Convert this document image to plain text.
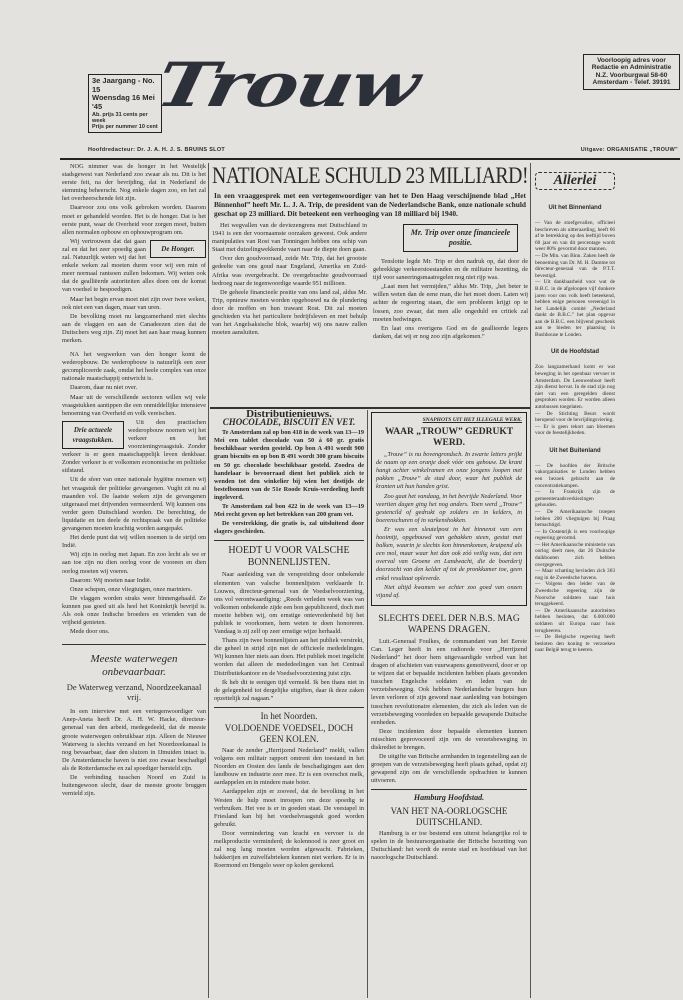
3e Jaargang - No. 15
Woensdag 16 Mei '45
Ab. prijs 31 cents per week
Prijs per nummer 10 cent
Trouw	Voorloopig adres voor
Redactie en Administratie
N.Z. Voorburgwal 58-60
Amsterdam - Telef. 39191
Hoofdredacteur: Dr. J. A. H. J. S. BRUINS SLOT	Uitgave: ORGANISATIE „TROUW”

NOG nimmer was de honger in het Westelijk stadsgewest van Nederland zoo zwaar als nu. Dit is het eerste feit, na der bevrijding, dat in Nederland de stemming beheerscht. Nog enkele dagen zoo, en het zal het overheerschende feit zijn.

Daarvoor zou ons volk gebroken worden. Daarom moet er gehandeld worden. Het is de honger. Dat is het eerste punt, waar de Overheid voor zorgen moet, buiten allen normalen opbouw en ophouwprogram om.

De Honger.

Wij vertrouwen dat dat gaan zal en dat het zeer spoedig gaan zal. Natuurlijk weten wij dat het enkele weken zal moeten duren voor wij een min of meer normaal rantsoen zullen bekomen. Wij weten ook dat de gealliëerde autoriteiten alles doen om de komst van voedsel te bespoedigen.

Maar het begin ervan moet niet zijn over twee weken, ook niet een van dagen, maar van uren.

De bevolking moet nu langzamerhand niet slechts aan de vlaggen en aan de Canadeezen zien dat de Duitschers weg zijn. Zij moet het aan haar maag kunnen merken.

NA het wegwerken van den honger komt de wederopbouw. De wederopbouw is natuurlijk een zeer gecompliceerde zaak, omdat het heele complex van onze nationale maatschappij ontwricht is.

Daarom, daar nu niet over.

Maar uit de verschillende sectoren willen wij vele vraagstukken aantippen die een onmiddellijke intensieve benoeming van Overheid en volk vereischen.

Drie actueele vraagstukken.

Uit den practischen wederopbouw noemen wij het verkeer en het voorzieningvraagstuk. Zonder verkeer is er geen maatschappelijk leven denkbaar. Zonder verkeer is er volkomen economische en politieke stilstand.

Uit de sfeer van onze nationale hygiëne noemen wij het vraagstuk der politieke gevangenen. Vught zit nu al maanden vol. De laatste weken zijn de gevangenen uitgeraasd met drijvenden vermeerderd. Wij kunnen ons verder geen Duitschland worden. De berechting, de liquidatie en ten deele de rechtspraak van de politieke gevangenen moeten krachtig worden aangepakt.

Het derde punt dat wij willen noemen is de strijd om Indië.

Wij zijn in oorlog met Japan. En zoo lecht als we er aan toe zijn nu dien oorlog voor de vooreen en dien oorlog moeten wij voeren.

Daarom: Wij moeten naar Indië.

Onze schepen, onze vliegtuigen, onze mariniers.

De vlaggen worden straks weer binnengehaald. Ze kunnen pas goed uit als heel het Koninkrijk bevrijd is. Als ook onze Indische broeders en vrienden van de vrijheid genieten.

Mede door ons.

Meeste waterwegen onbevaarbaar.
De Waterweg verzand, Noordzeekanaal vrij.

In een interview met een vertegenwoordiger van Anep-Aneta heeft Dr. A. H. W. Hacke, directeur-generaal van den arbeid, medegedeeld, dat de meeste groote waterwegen onbruikbaar zijn. Alleen de Nieuwe Waterweg is slechts verzand en het Noordzeekanaal is nog bevaarbaar, daar den sluizen in IJmuiden intact is. De Amsterdamsche haven is niet zoo zwaar beschadigd als de Rotterdamsche en zal spoediger hersteld zijn.

De verbinding tusschen Noord en Zuid is buitengewoon slecht, daar de meeste groote bruggen vernield zijn.

NATIONALE SCHULD 23 MILLIARD!
In een vraaggesprek met een vertegenwoordiger van het te Den Haag verschijnende blad „Het Binnenhof” heeft Mr. L. J. A. Trip, de president van de Nederlandsche Bank, onze nationale schuld geschat op 23 milliard. Dit beteekent een verhooging van 18 milliard bij 1940.

Het wegvallen van de deviezengrens met Duitschland in 1941 is een der voornaamste oorzaken geweest. Ook andere manipulaties van Rost van Tonningen hebben ons schip van Staat met duizelingwekkende vaart naar de diepte doen gaan.

Over den goudvoorraad, zeide Mr. Trip, dat het grootste gedeelte van ons goud naar Engeland, Amerika en Zuid-Afrika was overgebracht. De overgebrachte goudvoorraad bedroeg naar de tegenwoordige waarde 951 millioen.

De geheele financieele positie van ons land zal, aldus Mr. Trip, opnieuw moeten worden opgebouwd na de plundering door de moffen en hun trawant Rost. Dit zal moeten geschieden via het particuliere bedrijfsleven en met behulp van het Angelsaksische blok, waarbij wij ons nauw zullen moeten aansluiten.

Mr. Trip over onze financieele positie.

Tenslotte legde Mr. Trip er den nadruk op, dat door de gebrekkige verkeerstoestanden en de militaire bezetting, de tijd voor saneeringsmaatregelen nog niet rijp was.

„Laat men het vermijden,” aldus Mr. Trip, „het beter te willen weten dan de eene man, die het moet doen. Laten wij achter de regeering staan, die een probleem krijgt op te lossen, zoo zwaar, dat men alle ongeduld en critiek zal moeten bedwingen.

En laat ons overigens God en de geallieerde legers danken, dat wij er nog zoo zijn afgekomen.”

Distributienieuws.
CHOCOLADE, BISCUIT EN VET.

Te Amsterdam zal op bon 418 in de week van 13—19 Mei een tablet chocolade van 50 à 60 gr. gratis beschikbaar worden gesteld. Op bon A 491 wordt 900 gram biscuits en op bon B 491 wordt 300 gram biscuits en 50 gr. chocolade beschikbaar gesteld. Zoodra de handelaar is bevoorraad dient het publiek zich te wenden tot den winkelier bij wien het destijds de bestelbonnen van de 51e Roode Kruis-verdeeling heeft ingeleverd.

Te Amsterdam zal bon 422 in de week van 13—19 Mei recht geven op het betrekken van 200 gram vet.

De verstrekking, die gratis is, zal uitsluitend door slagers geschieden.

HOEDT U VOOR VALSCHE BONNENLIJSTEN.

Naar aanleiding van de verspreiding door onbekende elementen van valsche bonnenlijsten verklaarde Ir. Louwes, directeur-generaal van de Voedselvoorziening, ons vol verontwaardiging: „Reeds verleden week was van volkomen onbekende zijde een bon gepubliceerd, doch met moeite hebben wij, om ernstige ontevredenheid bij het publiek te voorkomen, hem weten te doen honoreren. Vandaag is zij zelf op zeer ernstige wijze herhaald.

Thans zijn twee bonnenlijsten aan het publiek verstrekt, die geheel in strijd zijn met de officieele mededelingen. Wij kunnen hier niets aan doen. Het publiek moet ingelicht worden dat alleen de mededeelingen van het Centraal Distributiekantoor en de Voedselvoorziening juist zijn.

Ik heb dit te eenigen tijd vermeld. Ik ben thans niet in de gelegenheid tot dergelijke uitgiften, daar ik deze zaken opzettelijk zal nagaan.”

In het Noorden.
VOLDOENDE VOEDSEL, DOCH GEEN KOLEN.

Naar de zender „Herrijzend Nederland” meldt, vallen volgens een militair rapport omtrent den toestand in het Noorden en Oosten des lands de beschadigingen aan den landbouw en industrie zeer mee. Er is een overschot melk, aardappelen en in mindere mate boter.

Aardappelen zijn er zooveel, dat de bevolking in het Westen de hulp moet inroepen om deze spoedig te verbruiken. Het vee is er in goeden staat. De veestapel in Friesland kan bij het voedselvraagstuk goed worden gebruikt.

Door vermindering van kracht en vervoer is de melkproductie verminderd; de kolennood is zeer groot en zal nog lang moeten worden afgewacht. Fabrieken, bakkerijen en zuivelfabrieken kunnen niet werken. Er is in Roermond en Hengelo weer op kolen gerekend.

SNAPHOTS UIT HET ILLEGALE WERK.
WAAR „TROUW” GEDRUKT WERD.

„Trouw” is nu bovengrondsch. In zwarte letters prijkt de naam op een oranje doek vóór ons gebouw. De krant hangt achter winkelramen en onze jongens loopen met pakken „Trouw” de stad door, waar het publiek de kranten uit hun handen grist.

Zoo gaat het vandaag, in het bevrijde Nederland. Voor veertien dagen ging het nog anders. Toen werd „Trouw” gestencild of gedrukt op zolders en in kelders, in boerenschuren of in varkenshokken.

Er was een sleutelpost in het binnenst van een hooimijt, opgebouwd van gebakken steen, gestut met balken, waarin je slechts kon binnenkomen, kruipend als een mol, maar waar het dan ook zóó veilig was, dat een overval van Groene en Landwacht, die de boerderij doorzocht van den kelder af tot de pronkkamer toe, geen enkel resultaat opleverde.

Niet altijd kwamen we echter zoo goed van onzen vijand af.

SLECHTS DEEL DER N.B.S. MAG WAPENS DRAGEN.

Luit.-Generaal Foulkes, de commandant van het Eerste Can. Leger heeft in een radiorede voor „Herrijzend Nederland” het door hem uitgevaardigde verbod van het dragen of afschieten van vuurwapens gemotiveerd, door er op te wijzen dat er bepaalde incidenten hebben plaats gevonden tusschen Engelsche soldaten en leden van de verzetsbeweging. Ook hebben Nederlandsche burgers hun leven verloren of zijn gewond naar aanleiding van botsingen tusschen revolutionaire elementen, die zich als leden van de verzetsbeweging voordeden en bepaalde gewapende Duitsche eenheden.

Deze incidenten door bepaalde elementen kunnen misschien geprovoceerd zijn om de verzetsbeweging in diskrediet te brengen.

De uitgifte van Britsche armbanden in tegenstelling aan de groepen van de verzetsbeweging heeft plaats gehad, opdat zij gewapend zijn om de verschillende opdrachten te kunnen uitvoeren.

Hamburg Hoofdstad.
VAN HET NA-OORLOGSCHE DUITSCHLAND.

Hamburg is er toe bestemd een uiterst belangrijke rol te spelen in de bestuursorganisatie der Britsche bezetting van Duitschland: het wordt de eerste stad en hoofdstad van het naoorlogsche Duitschland.

Allerlei

Uit het Binnenland

— Van de stoefgevallen, officieel beschreven als uitteraarding, heeft 66 af te betrekking op den leeftijd boven 60 jaar en van dit percentage wordt weer 80% gevormd door mannen.
— De Min. van Binn. Zaken heeft de benoeming van Dr. M. H. Damme tot directeur-generaal van de P.T.T. bevestigd.
— Uit dankbaarheid voor wat de B.B.C. in de afgeloopen vijf donkere jaren voor ons volk heeft beteekend, hebben enige personen vereenigd in het Landelijk comité „Nederland dankt de B.B.C.” het plan opgevat aan de B.B.C. een blijvend geschenk aan te bieden ter plaatsing in Bushhouse te Londen.

Uit de Hoofdstad

Zoo langzamerhand komt er wat beweging in het openbaar vervoer te Amsterdam. De Leeuwenboot heeft zijn dienst hervat. In de stad zijn nog niet van een geregelden dienst gesproken worden. Er worden alleen autobussen toegelaten.
— De Stichting Beurs wordt heropend voor de bevrijdingsviering.
— Er is geen tekort aan bloemen voor de feestelijkheden.

Uit het Buitenland

— De hoofden der Britsche vakorganisaties te Londen hebben een bezoek gebracht aan de concentratiekampen.
— In Frankrijk zijn de gemeenteraadsverkiezingen gehouden.
— De Amerikaansche troepen hebben 200 vliegtuigen bij Praag bemachtigd.
— In Oostenrijk is een voorloopige regeering gevormd.
— Het Amerikaansche ministerie van oorlog deelt mee, dat 26 Duitsche duikbooten zich hebben overgegeven.
— Maar schatting bevinden zich 303 nog in de Zweedsche havens.
— Volgens den leider van de Zweedsche regeering zijn de Noorsche soldaten naar huis teruggekeerd.
— De Amerikaansche autoriteiten hebben besloten, dat 6.000.000 soldaten uit Europa naar huis terugkeeren.
— De Belgische regeering heeft besloten den koning te verzoeken naar België terug te keeren.
